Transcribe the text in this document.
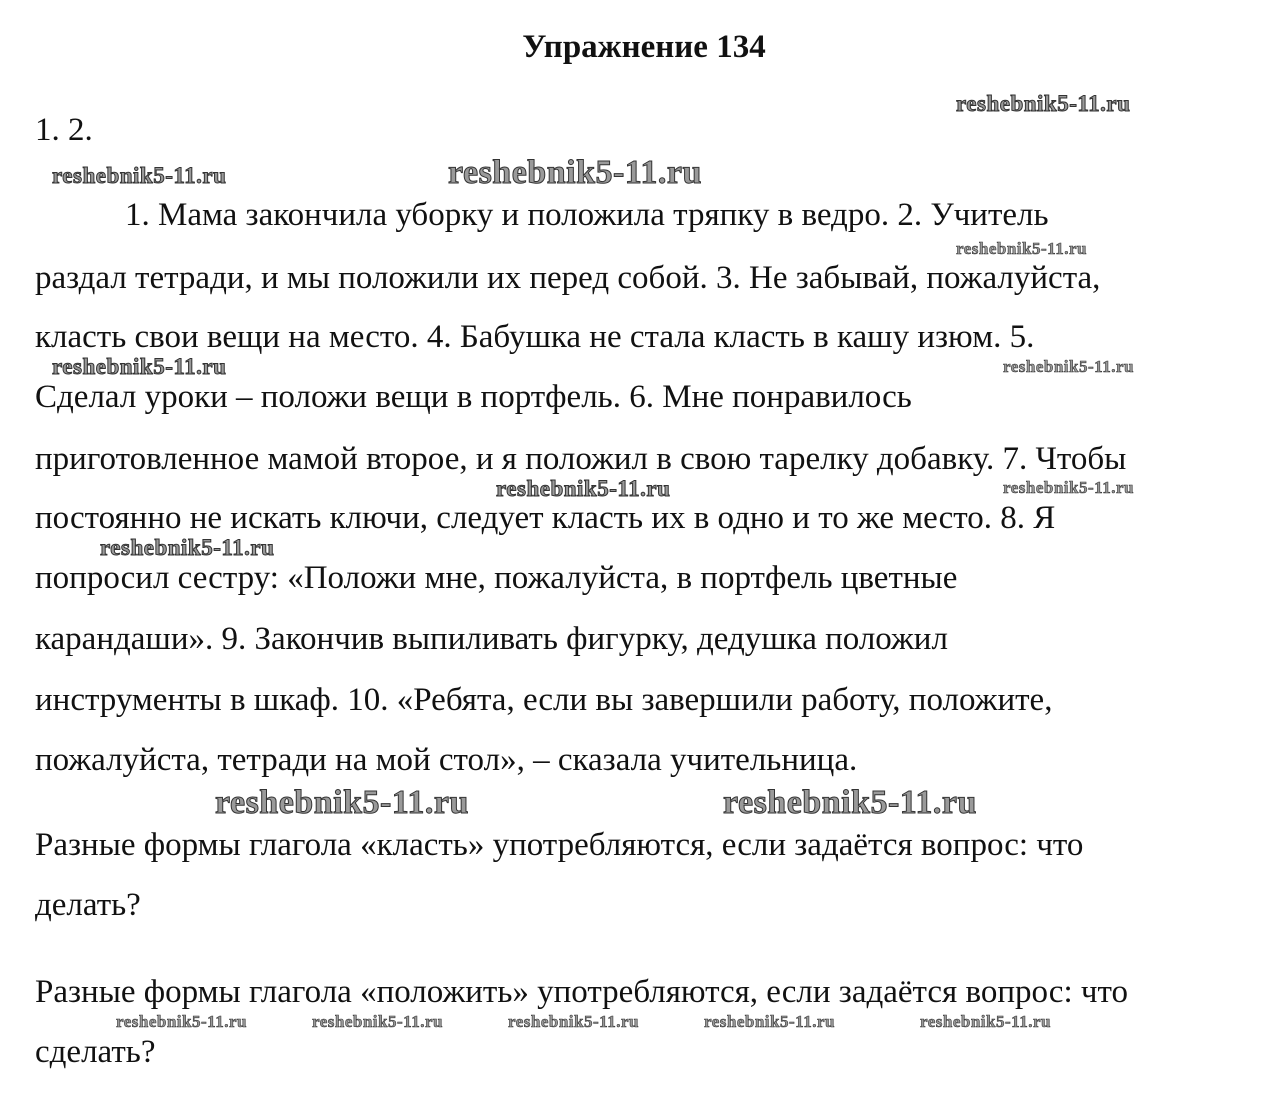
Упражнение 134
1. 2.
1. Мама закончила уборку и положила тряпку в ведро. 2. Учитель
раздал тетради, и мы положили их перед собой. 3. Не забывай, пожалуйста,
класть свои вещи на место. 4. Бабушка не стала класть в кашу изюм. 5.
Сделал уроки – положи вещи в портфель. 6. Мне понравилось
приготовленное мамой второе, и я положил в свою тарелку добавку. 7. Чтобы
постоянно не искать ключи, следует класть их в одно и то же место. 8. Я
попросил сестру: «Положи мне, пожалуйста, в портфель цветные
карандаши». 9. Закончив выпиливать фигурку, дедушка положил
инструменты в шкаф. 10. «Ребята, если вы завершили работу, положите,
пожалуйста, тетради на мой стол», – сказала учительница.
Разные формы глагола «класть» употребляются, если задаётся вопрос: что
делать?
Разные формы глагола «положить» употребляются, если задаётся вопрос: что
сделать?
reshebnik5-11.ru
reshebnik5-11.ru	reshebnik5-11.ru
reshebnik5-11.ru
reshebnik5-11.ru	reshebnik5-11.ru
reshebnik5-11.ru	reshebnik5-11.ru
reshebnik5-11.ru
reshebnik5-11.ru	reshebnik5-11.ru
reshebnik5-11.ru	reshebnik5-11.ru	reshebnik5-11.ru	reshebnik5-11.ru	reshebnik5-11.ru
